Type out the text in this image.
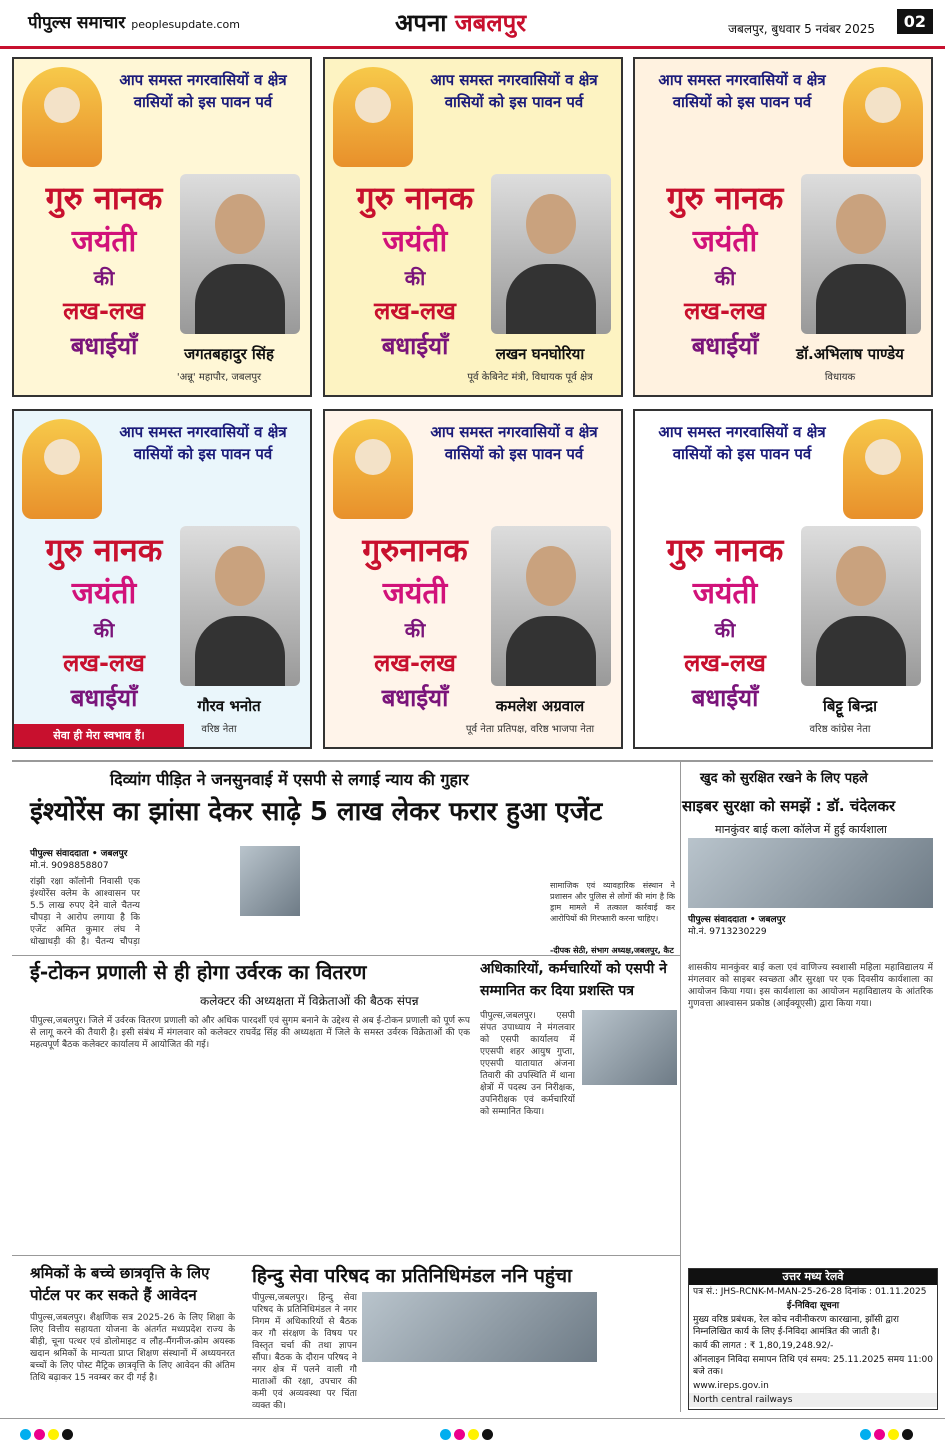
पीपुल्स समाचार peoplesupdate.com	अपना जबलपुर	जबलपुर, बुधवार 5 नवंबर 2025	02
आप समस्त नगरवासियों व क्षेत्र वासियों को इस पावन पर्व
गुरु नानक
जयंती
की
लख-लख
बधाईयाँ	जगतबहादुर सिंह
'अन्नू' महापौर, जबलपुर
आप समस्त नगरवासियों व क्षेत्र वासियों को इस पावन पर्व
गुरु नानक
जयंती
की
लख-लख
बधाईयाँ	लखन घनघोरिया
पूर्व केबिनेट मंत्री, विधायक पूर्व क्षेत्र
आप समस्त नगरवासियों व क्षेत्र वासियों को इस पावन पर्व
गुरु नानक
जयंती
की
लख-लख
बधाईयाँ	डॉ.अभिलाष पाण्डेय
विधायक
आप समस्त नगरवासियों व क्षेत्र वासियों को इस पावन पर्व
गुरु नानक
जयंती
की
लख-लख
बधाईयाँ	गौरव भनोत
वरिष्ठ नेता
सेवा ही मेरा स्वभाव हैं।
आप समस्त नगरवासियों व क्षेत्र वासियों को इस पावन पर्व
गुरुनानक
जयंती
की
लख-लख
बधाईयाँ	कमलेश अग्रवाल
पूर्व नेता प्रतिपक्ष, वरिष्ठ भाजपा नेता
आप समस्त नगरवासियों व क्षेत्र वासियों को इस पावन पर्व
गुरु नानक
जयंती
की
लख-लख
बधाईयाँ	बिट्टू बिन्द्रा
वरिष्ठ कांग्रेस नेता
दिव्यांग पीड़ित ने जनसुनवाई में एसपी से लगाई न्याय की गुहार
इंश्योरेंस का झांसा देकर साढ़े 5 लाख लेकर फरार हुआ एजेंट
पीपुल्स संवाददाता • जबलपुर
मो.नं. 9098858807
रांझी रक्षा कॉलोनी निवासी एक इंश्योरेंस क्लेम के आश्वासन पर 5.5 लाख रुपए देने वाले चैतन्य चौपड़ा ने आरोप लगाया है कि एजेंट अमित कुमार लंघ ने धोखाधड़ी की है। चैतन्य चौपड़ा
सामाजिक एवं व्यावहारिक संस्थान ने प्रशासन और पुलिस से लोगों की मांग है कि ड्राम मामले में तत्काल कार्रवाई कर आरोपियों की गिरफ्तारी करना चाहिए।
-दीपक सेठी, संभाग अध्यक्ष,जबलपुर, कैट
खुद को सुरक्षित रखने के लिए पहले
साइबर सुरक्षा को समझें : डॉ. चंदेलकर
मानकुंवर बाई कला कॉलेज में हुई कार्यशाला
पीपुल्स संवाददाता • जबलपुर
मो.नं. 9713230229
शासकीय मानकुंवर बाई कला एवं वाणिज्य स्वशासी महिला महाविद्यालय में मंगलवार को साइबर स्वच्छता और सुरक्षा पर एक दिवसीय कार्यशाला का आयोजन किया गया। इस कार्यशाला का आयोजन महाविद्यालय के आंतरिक गुणवत्ता आश्वासन प्रकोष्ठ (आईक्यूएसी) द्वारा किया गया।
ई-टोकन प्रणाली से ही होगा उर्वरक का वितरण
कलेक्टर की अध्यक्षता में विक्रेताओं की बैठक संपन्न
पीपुल्स,जबलपुर। जिले में उर्वरक वितरण प्रणाली को और अधिक पारदर्शी एवं सुगम बनाने के उद्देश्य से अब ई-टोकन प्रणाली को पूर्ण रूप से लागू करने की तैयारी है। इसी संबंध में मंगलवार को कलेक्टर राघवेंद्र सिंह की अध्यक्षता में जिले के समस्त उर्वरक विक्रेताओं की एक महत्वपूर्ण बैठक कलेक्टर कार्यालय में आयोजित की गई।
अधिकारियों, कर्मचारियों को एसपी ने सम्मानित कर दिया प्रशस्ति पत्र
पीपुल्स,जबलपुर। एसपी संपत उपाध्याय ने मंगलवार को एसपी कार्यालय में एएसपी शहर आयुष गुप्ता, एएसपी यातायात अंजना तिवारी की उपस्थिति में थाना क्षेत्रों में पदस्थ उन निरीक्षक, उपनिरीक्षक एवं कर्मचारियों को सम्मानित किया।
श्रमिकों के बच्चे छात्रवृत्ति के लिए पोर्टल पर कर सकते हैं आवेदन
पीपुल्स,जबलपुर। शैक्षणिक सत्र 2025-26 के लिए शिक्षा के लिए वित्तीय सहायता योजना के अंतर्गत मध्यप्रदेश राज्य के बीड़ी, चूना पत्थर एवं डोलोमाइट व लौह-मैंगनीज-क्रोम अयस्क खदान श्रमिकों के मान्यता प्राप्त शिक्षण संस्थानों में अध्ययनरत बच्चों के लिए पोस्ट मैट्रिक छात्रवृत्ति के लिए आवेदन की अंतिम तिथि बढ़ाकर 15 नवम्बर कर दी गई है।
हिन्दु सेवा परिषद का प्रतिनिधिमंडल ननि पहुंचा
पीपुल्स,जबलपुर। हिन्दु सेवा परिषद के प्रतिनिधिमंडल ने नगर निगम में अधिकारियों से बैठक कर गौ संरक्षण के विषय पर विस्तृत चर्चा की तथा ज्ञापन सौंपा। बैठक के दौरान परिषद ने नगर क्षेत्र में पलने वाली गौ माताओं की रक्षा, उपचार की कमी एवं अव्यवस्था पर चिंता व्यक्त की।
उत्तर मध्य रेलवे
पत्र सं.: JHS-RCNK-M-MAN-25-26-28 दिनांक : 01.11.2025
ई-निविदा सूचना
मुख्य वरिष्ठ प्रबंधक, रेल कोच नवीनीकरण कारखाना, झाँसी द्वारा निम्नलिखित कार्य के लिए ई-निविदा आमंत्रित की जाती है।
कार्य की लागत : ₹ 1,80,19,248.92/-
ऑनलाइन निविदा समापन तिथि एवं समय: 25.11.2025 समय 11:00 बजे तक।
www.ireps.gov.in
North central railways
